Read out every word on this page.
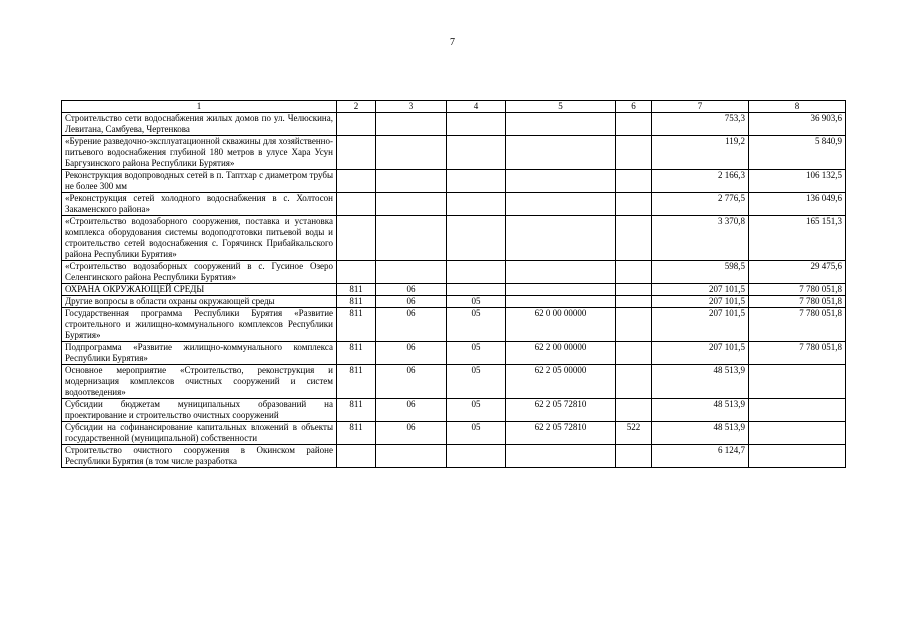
7
1	2	3	4	5	6	7	8
Строительство сети водоснабжения жилых домов по ул. Челюскина, Левитана, Самбуева, Чертенкова						753,3	36 903,6
«Бурение разведочно-эксплуатационной скважины для хозяйственно-питьевого водоснабжения глубиной 180 метров в улусе Хара Усун Баргузинского района Республики Бурятия»						119,2	5 840,9
Реконструкция водопроводных сетей в п. Таптхар с диаметром трубы не более 300 мм						2 166,3	106 132,5
«Реконструкция сетей холодного водоснабжения в с. Холтосон Закаменского района»						2 776,5	136 049,6
«Строительство водозаборного сооружения, поставка и установка комплекса оборудования системы водоподготовки питьевой воды и строительство сетей водоснабжения с. Горячинск Прибайкальского района Республики Бурятия»						3 370,8	165 151,3
«Строительство водозаборных сооружений в с. Гусиное Озеро Селенгинского района Республики Бурятия»						598,5	29 475,6
ОХРАНА ОКРУЖАЮЩЕЙ СРЕДЫ	811	06				207 101,5	7 780 051,8
Другие вопросы в области охраны окружающей среды	811	06	05			207 101,5	7 780 051,8
Государственная программа Республики Бурятия «Развитие строительного и жилищно-коммунального комплексов Республики Бурятия»	811	06	05	62 0 00 00000		207 101,5	7 780 051,8
Подпрограмма «Развитие жилищно-коммунального комплекса Республики Бурятия»	811	06	05	62 2 00 00000		207 101,5	7 780 051,8
Основное мероприятие «Строительство, реконструкция и модернизация комплексов очистных сооружений и систем водоотведения»	811	06	05	62 2 05 00000		48 513,9	
Субсидии бюджетам муниципальных образований на проектирование и строительство очистных сооружений	811	06	05	62 2 05 72810		48 513,9	
Субсидии на софинансирование капитальных вложений в объекты государственной (муниципальной) собственности	811	06	05	62 2 05 72810	522	48 513,9	

Строительство очистного сооружения в Окинском районе Республики Бурятия (в том числе разработка						6 124,7	
